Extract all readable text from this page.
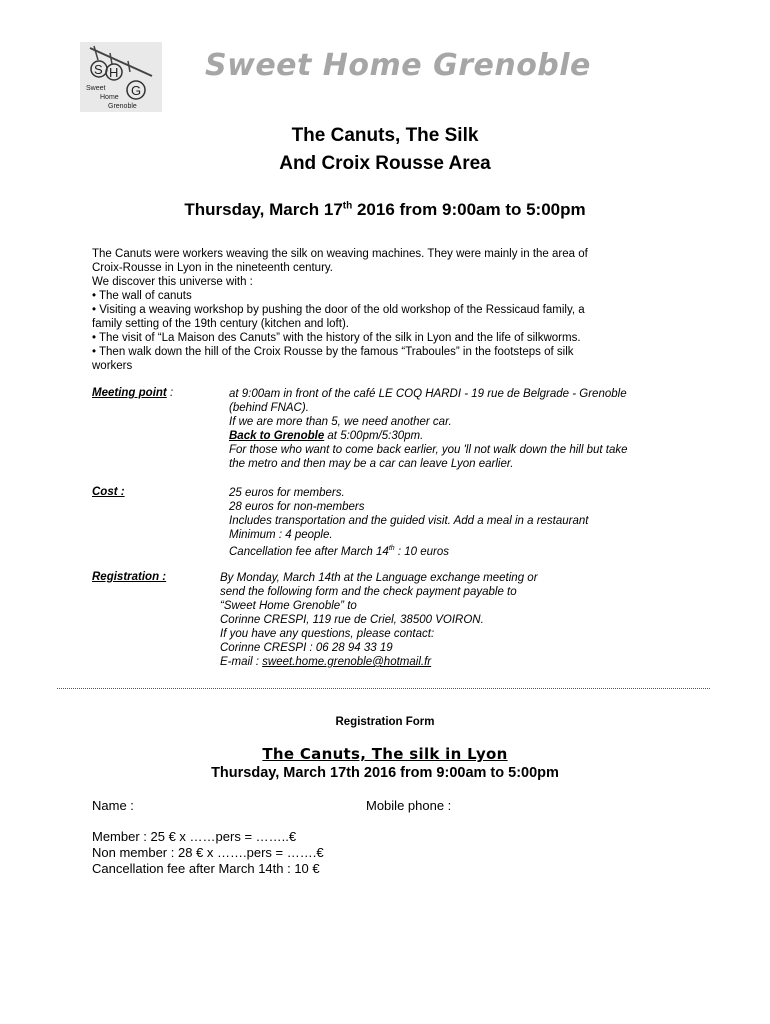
S H
G
Sweet
Home
Grenoble
Sweet Home Grenoble
The Canuts, The Silk
And Croix Rousse Area
Thursday, March 17th 2016 from 9:00am to 5:00pm
The Canuts were workers weaving the silk on weaving machines. They were mainly in the area of
Croix-Rousse in Lyon in the nineteenth century.
We discover this universe with :
• The wall of canuts
• Visiting a weaving workshop by pushing the door of the old workshop of the Ressicaud family, a
family setting of the 19th century (kitchen and loft).
• The visit of “La Maison des Canuts” with the history of the silk in Lyon and the life of silkworms.
• Then walk down the hill of the Croix Rousse by the famous “Traboules” in the footsteps of silk
workers
Meeting point :	at 9:00am in front of the café LE COQ HARDI - 19 rue de Belgrade - Grenoble
(behind FNAC).
If we are more than 5, we need another car.
Back to Grenoble at 5:00pm/5:30pm.
For those who want to come back earlier, you 'll not walk down the hill but take
the metro and then may be a car can leave Lyon earlier.
Cost :	25 euros for members.
28 euros for non-members
Includes transportation and the guided visit. Add a meal in a restaurant
Minimum : 4 people.
Cancellation fee after March 14th : 10 euros
Registration :	By Monday, March 14th at the Language exchange meeting or
send the following form and the check payment payable to
“Sweet Home Grenoble” to
Corinne CRESPI, 119 rue de Criel, 38500 VOIRON.
If you have any questions, please contact:
Corinne CRESPI : 06 28 94 33 19
E-mail : sweet.home.grenoble@hotmail.fr
Registration Form
The Canuts, The silk in Lyon
Thursday, March 17th 2016 from 9:00am to 5:00pm
Name :	Mobile phone :
Member : 25 € x ……pers = ……..€
Non member : 28 € x …….pers = …….€
Cancellation fee after March 14th : 10 €
